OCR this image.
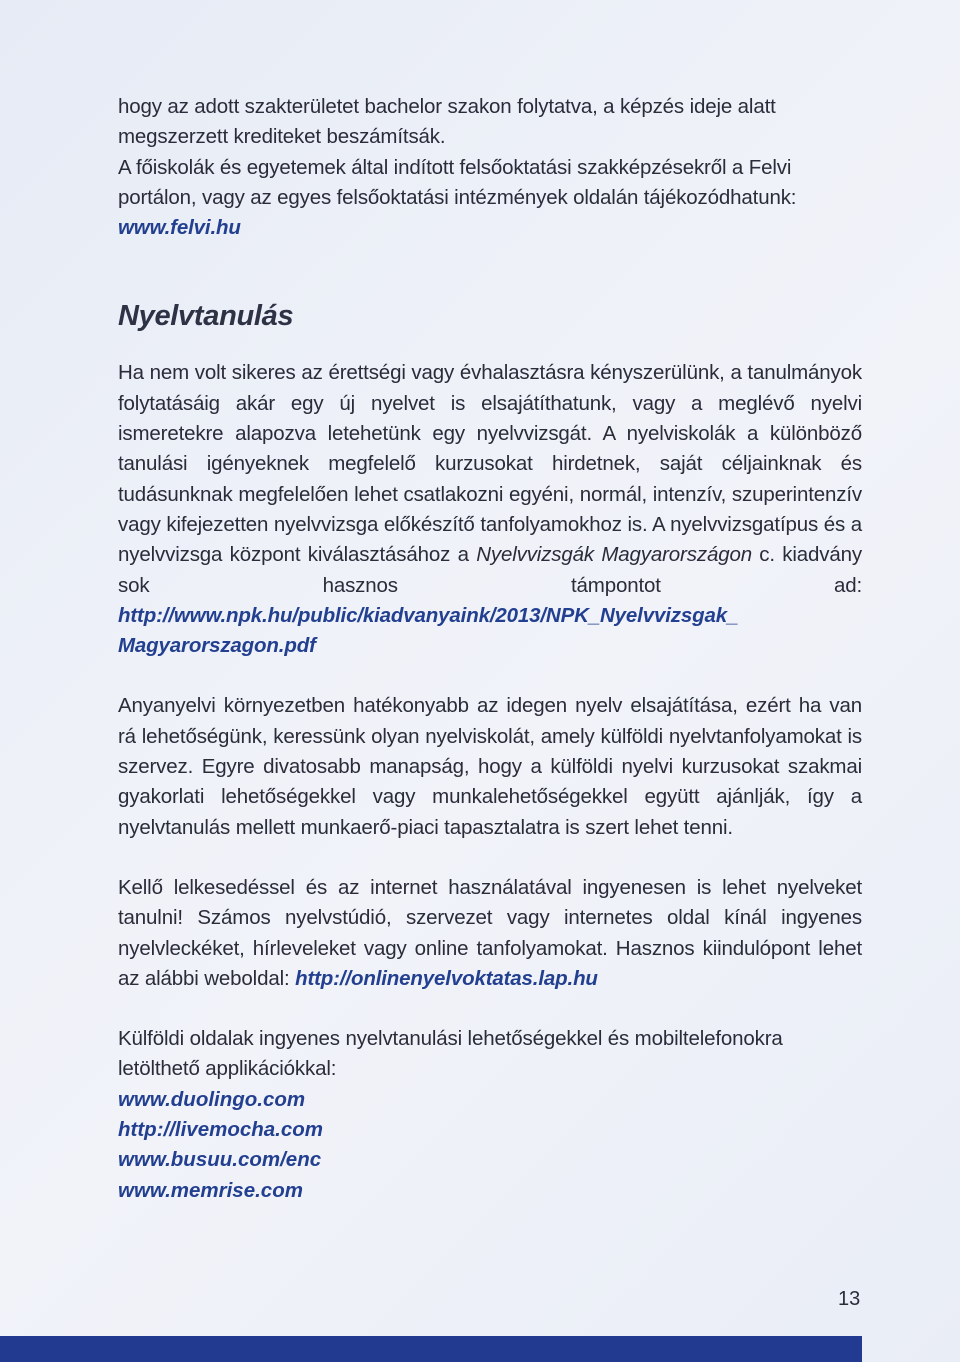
hogy az adott szakterületet bachelor szakon folytatva, a képzés ideje alatt megszerzett krediteket beszámítsák.
A főiskolák és egyetemek által indított felsőoktatási szakképzésekről a Felvi portálon, vagy az egyes felsőoktatási intézmények oldalán tájékozódhatunk: www.felvi.hu

Nyelvtanulás

Ha nem volt sikeres az érettségi vagy évhalasztásra kényszerülünk, a tanulmányok folytatásáig akár egy új nyelvet is elsajátíthatunk, vagy a meglévő nyelvi ismeretekre alapozva letehetünk egy nyelvvizsgát. A nyelviskolák a különböző tanulási igényeknek megfelelő kurzusokat hirdetnek, saját céljainknak és tudásunknak megfelelően lehet csatlakozni egyéni, normál, intenzív, szuperintenzív vagy kifejezetten nyelvvizsga előkészítő tanfolyamokhoz is. A nyelvvizsgatípus és a nyelvvizsga központ kiválasztásához a Nyelvvizsgák Magyarországon c. kiadvány sok hasznos támpontot ad: http://www.npk.hu/public/kiadvanyaink/2013/NPK_Nyelvvizsgak_ Magyarorszagon.pdf

Anyanyelvi környezetben hatékonyabb az idegen nyelv elsajátítása, ezért ha van rá lehetőségünk, keressünk olyan nyelviskolát, amely külföldi nyelvtanfolyamokat is szervez. Egyre divatosabb manapság, hogy a külföldi nyelvi kurzusokat szakmai gyakorlati lehetőségekkel vagy munkalehetőségekkel együtt ajánlják, így a nyelvtanulás mellett munkaerő-piaci tapasztalatra is szert lehet tenni.

Kellő lelkesedéssel és az internet használatával ingyenesen is lehet nyelveket tanulni! Számos nyelvstúdió, szervezet vagy internetes oldal kínál ingyenes nyelvleckéket, hírleveleket vagy online tanfolyamokat. Hasznos kiindulópont lehet az alábbi weboldal: http://onlinenyelvoktatas.lap.hu

Külföldi oldalak ingyenes nyelvtanulási lehetőségekkel és mobiltelefonokra letölthető applikációkkal:

www.duolingo.com
http://livemocha.com
www.busuu.com/enc
www.memrise.com
13
